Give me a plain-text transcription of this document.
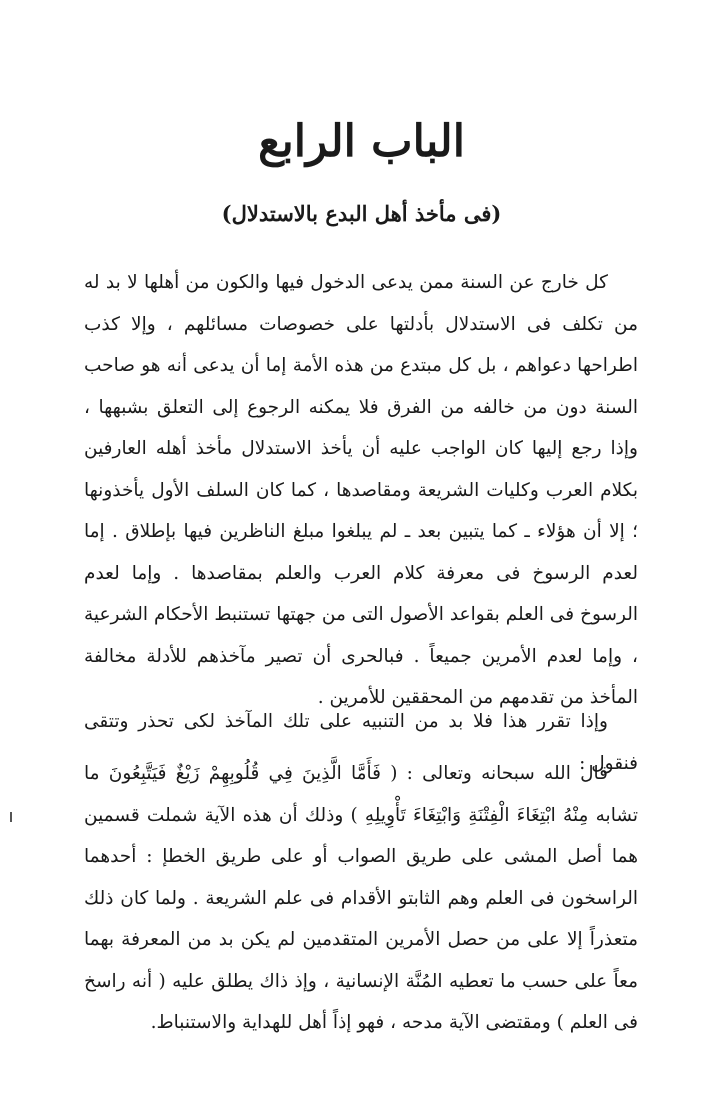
الباب الرابع
(فى مأخذ أهل البدع بالاستدلال)

كل خارج عن السنة ممن يدعى الدخول فيها والكون من أهلها لا بد له من تكلف فى الاستدلال بأدلتها على خصوصات مسائلهم ، وإلا كذب اطراحها دعواهم ، بل كل مبتدع من هذه الأمة إما أن يدعى أنه هو صاحب السنة دون من خالفه من الفرق فلا يمكنه الرجوع إلى التعلق بشبهها ، وإذا رجع إليها كان الواجب عليه أن يأخذ الاستدلال مأخذ أهله العارفين بكلام العرب وكليات الشريعة ومقاصدها ، كما كان السلف الأول يأخذونها ؛ إلا أن هؤلاء ـ كما يتبين بعد ـ لم يبلغوا مبلغ الناظرين فيها بإطلاق . إما لعدم الرسوخ فى معرفة كلام العرب والعلم بمقاصدها . وإما لعدم الرسوخ فى العلم بقواعد الأصول التى من جهتها تستنبط الأحكام الشرعية ، وإما لعدم الأمرين جميعاً . فبالحرى أن تصير مآخذهم للأدلة مخالفة المأخذ من تقدمهم من المحققين للأمرين .

وإذا تقرر هذا فلا بد من التنبيه على تلك المآخذ لكى تحذر وتتقى فنقول :

قال الله سبحانه وتعالى : ( فَأَمَّا الَّذِينَ فِي قُلُوبِهِمْ زَيْغٌ فَيَتَّبِعُونَ ما تشابه مِنْهُ ابْتِغَاءَ الْفِتْنَةِ وَابْتِغَاءَ تَأْوِيلِهِ ) وذلك أن هذه الآية شملت قسمين هما أصل المشى على طريق الصواب أو على طريق الخطإ : أحدهما الراسخون فى العلم وهم الثابتو الأقدام فى علم الشريعة . ولما كان ذلك متعذراً إلا على من حصل الأمرين المتقدمين لم يكن بد من المعرفة بهما معاً على حسب ما تعطيه المُنَّة الإنسانية ، وإذ ذاك يطلق عليه ( أنه راسخ فى العلم ) ومقتضى الآية مدحه ، فهو إذاً أهل للهداية والاستنباط.
